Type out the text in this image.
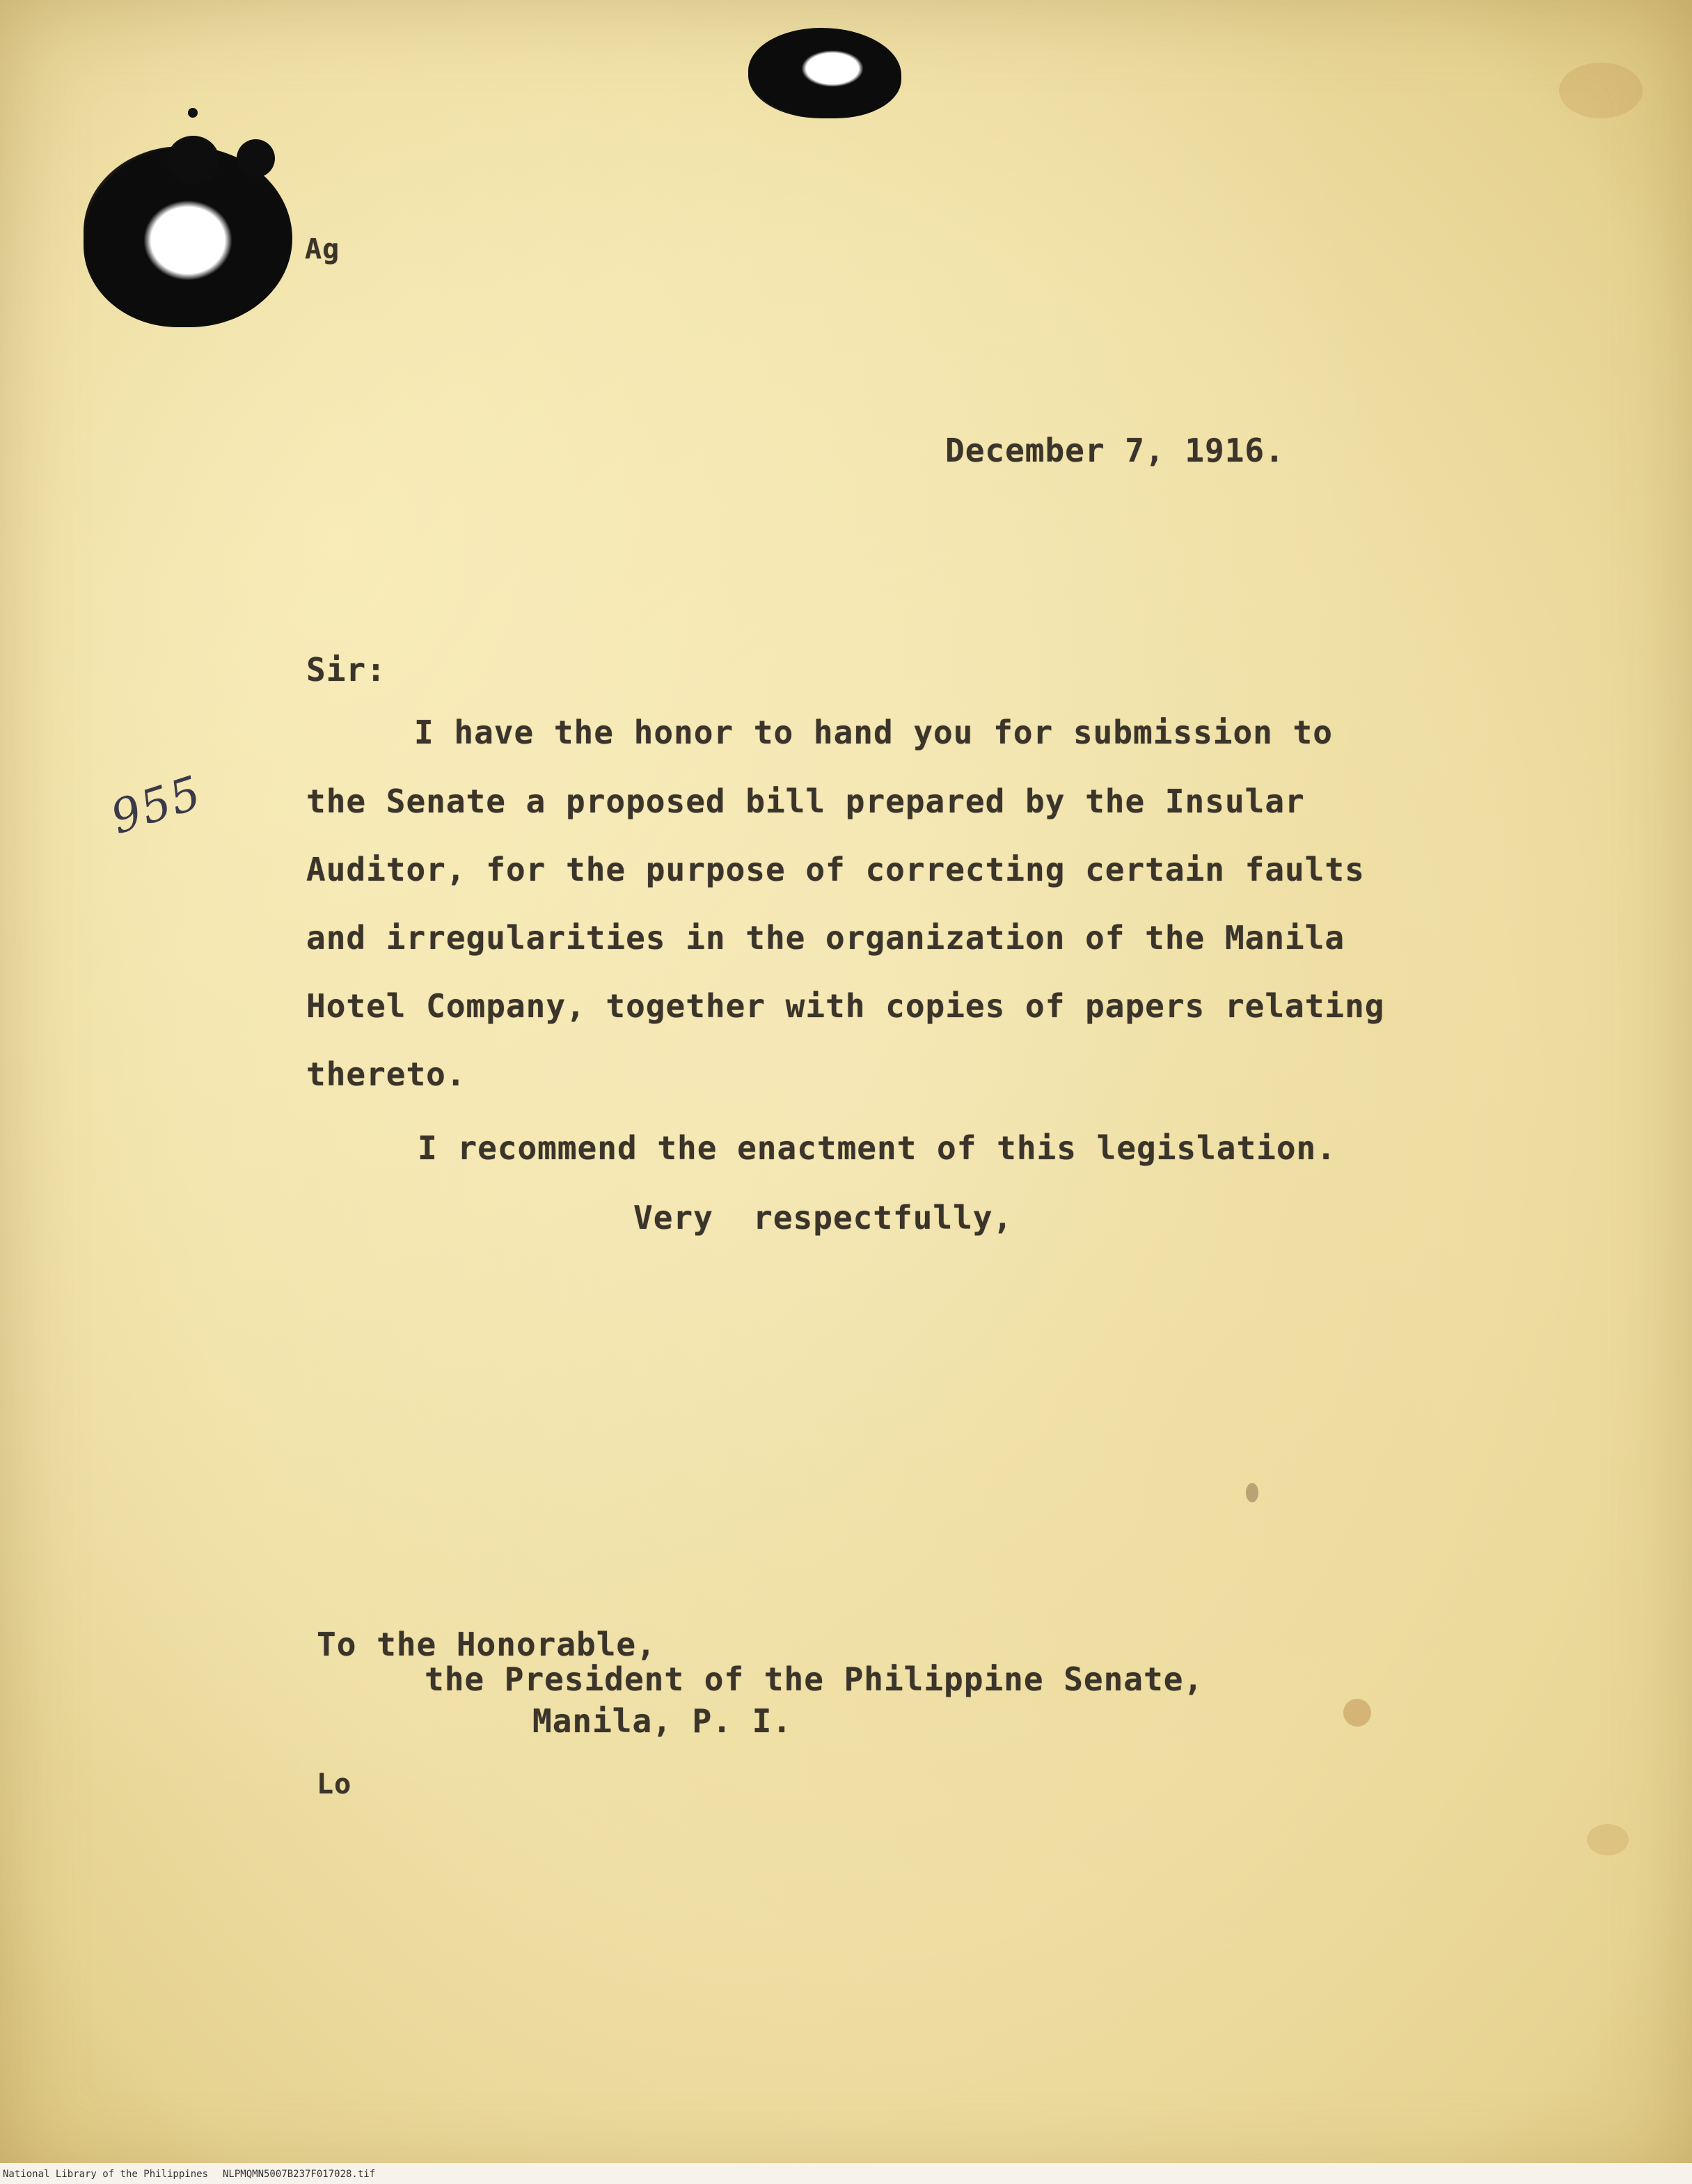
Ag

December 7, 1916.

Sir:

I have the honor to hand you for submission to

the Senate a proposed bill prepared by the Insular

Auditor, for the purpose of correcting certain faults

and irregularities in the organization of the Manila

Hotel Company, together with copies of papers relating

thereto.

I recommend the enactment of this legislation.

Very  respectfully,

To the Honorable,

the President of the Philippine Senate,

Manila, P. I.

Lo

955

National Library of the Philippines NLPMQMN5007B237F017028.tif
